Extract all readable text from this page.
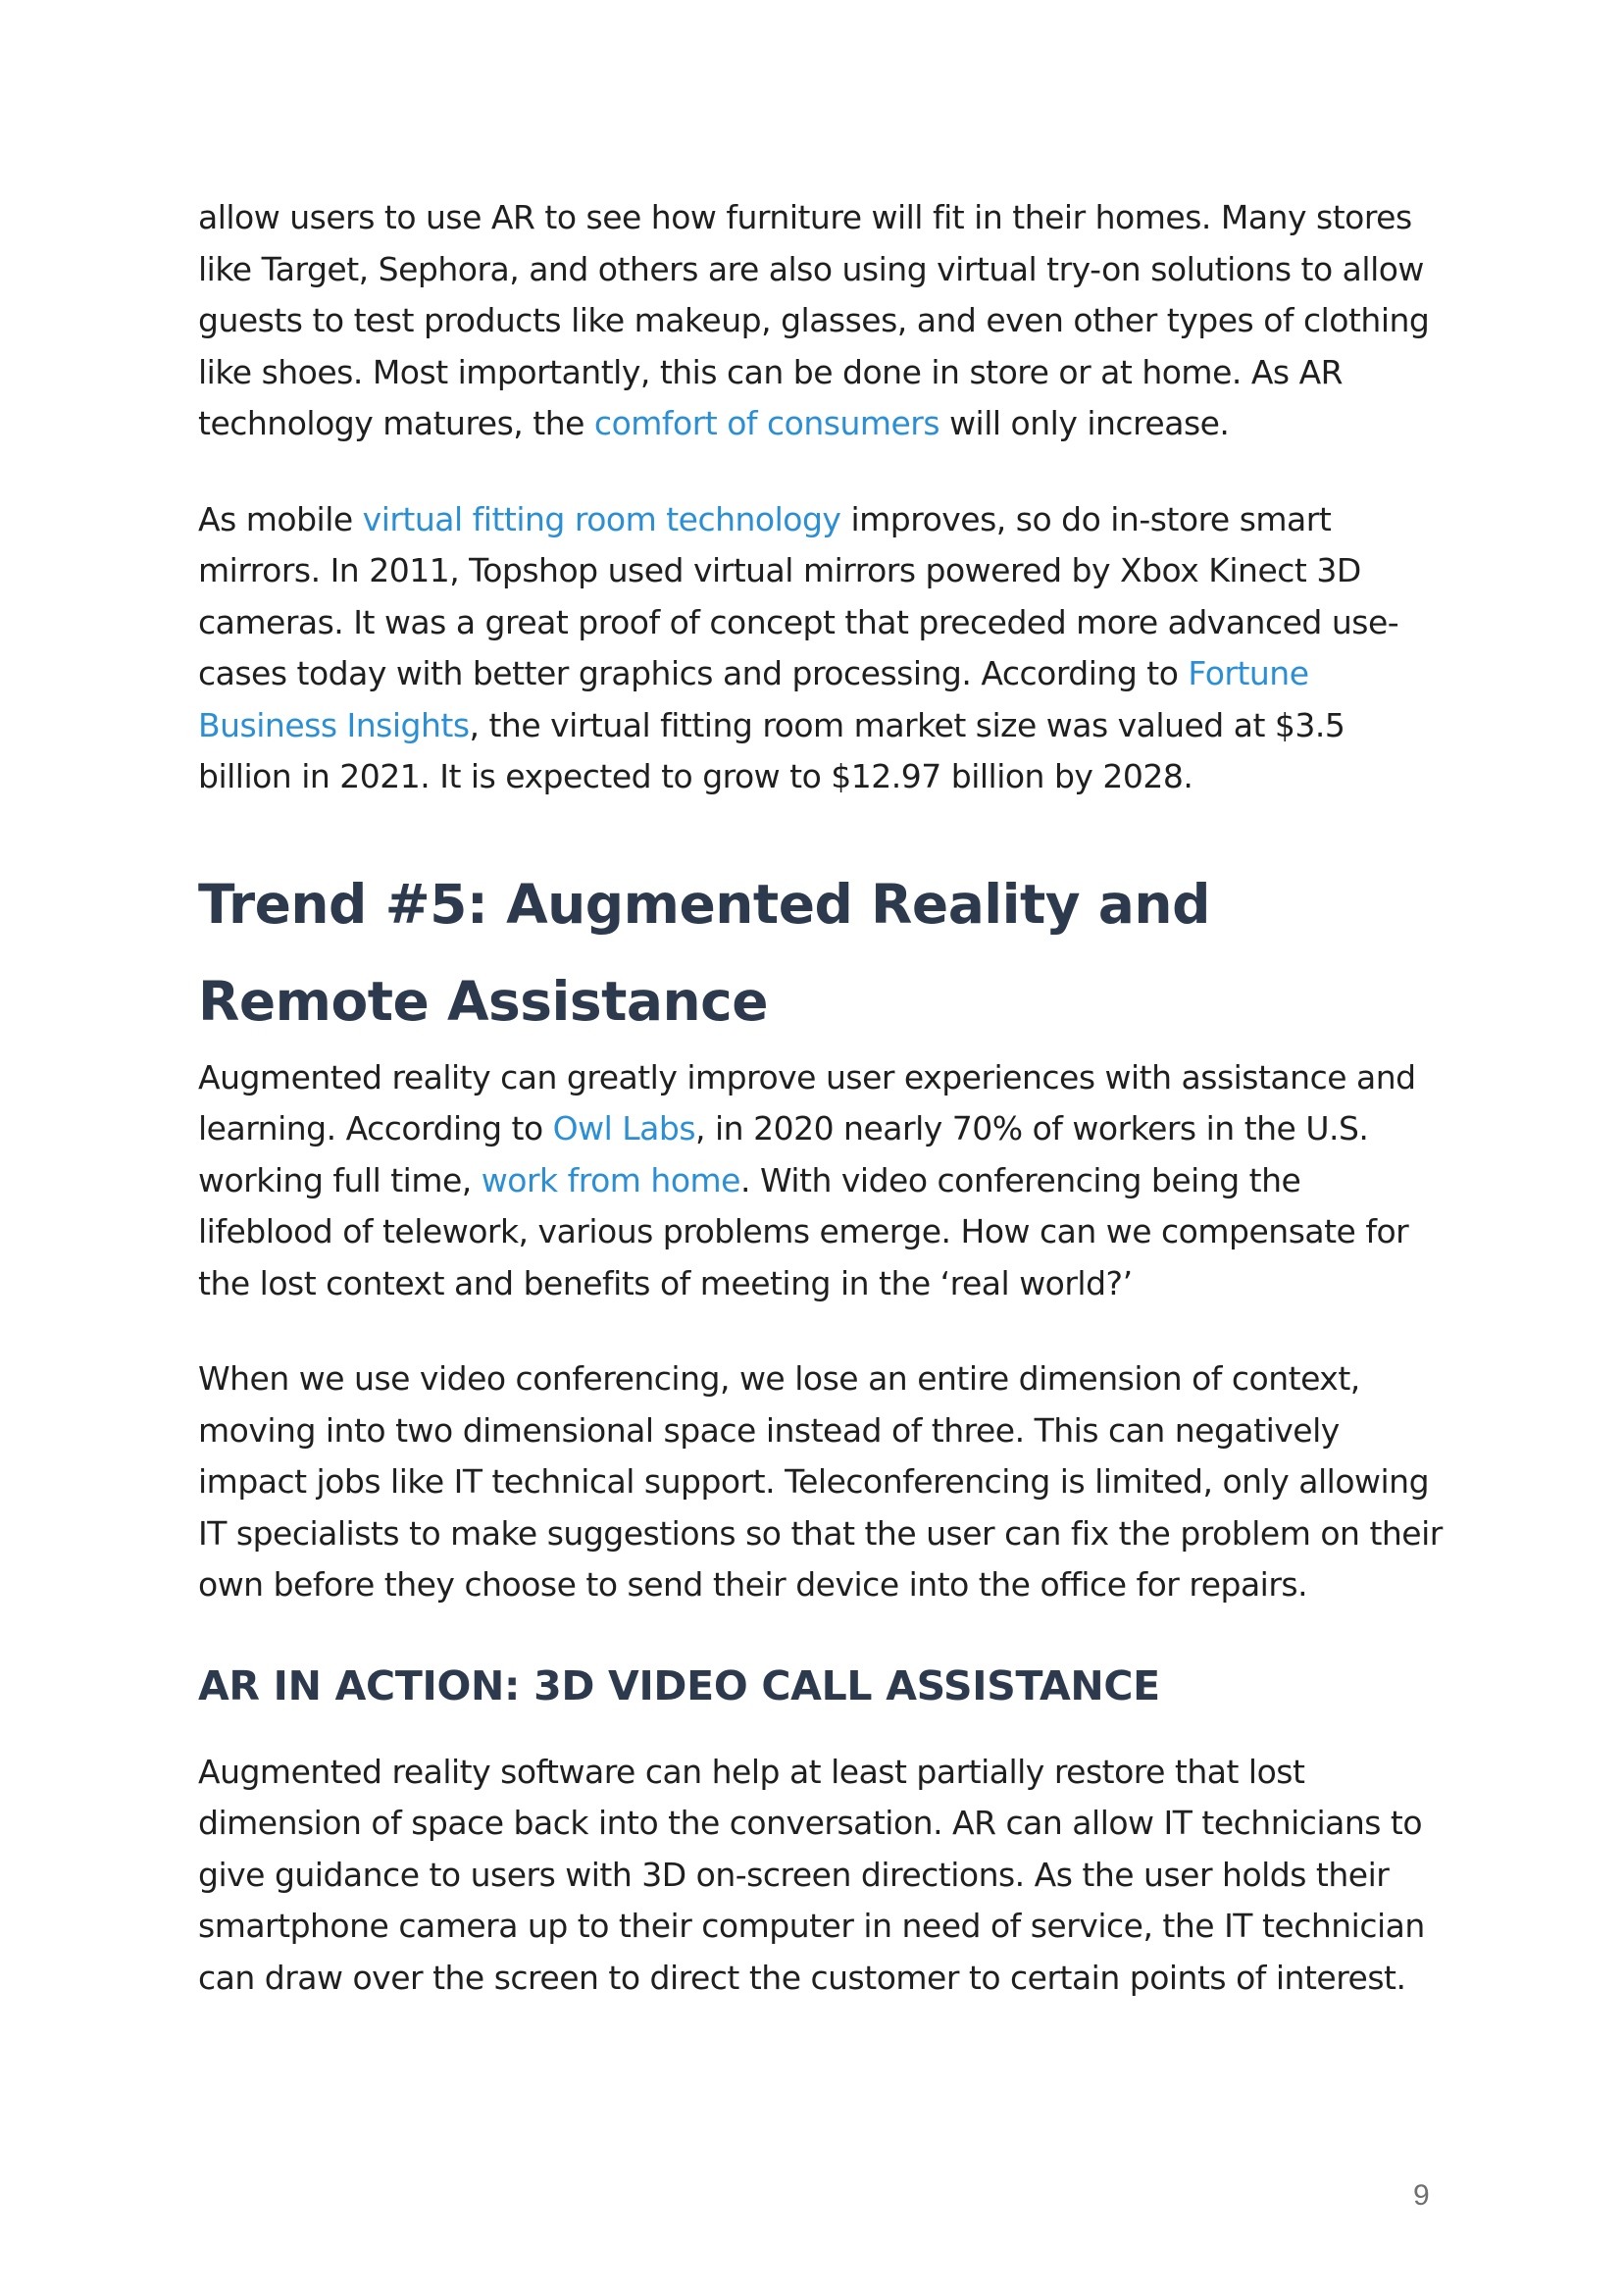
allow users to use AR to see how furniture will fit in their homes. Many stores like Target, Sephora, and others are also using virtual try-on solutions to allow guests to test products like makeup, glasses, and even other types of clothing like shoes. Most importantly, this can be done in store or at home. As AR technology matures, the comfort of consumers will only increase.

As mobile virtual fitting room technology improves, so do in-store smart mirrors. In 2011, Topshop used virtual mirrors powered by Xbox Kinect 3D cameras. It was a great proof of concept that preceded more advanced use-cases today with better graphics and processing. According to Fortune Business Insights, the virtual fitting room market size was valued at $3.5 billion in 2021. It is expected to grow to $12.97 billion by 2028.

Trend #5: Augmented Reality and Remote Assistance

Augmented reality can greatly improve user experiences with assistance and learning. According to Owl Labs, in 2020 nearly 70% of workers in the U.S. working full time, work from home. With video conferencing being the lifeblood of telework, various problems emerge. How can we compensate for the lost context and benefits of meeting in the ‘real world?’

When we use video conferencing, we lose an entire dimension of context, moving into two dimensional space instead of three. This can negatively impact jobs like IT technical support. Teleconferencing is limited, only allowing IT specialists to make suggestions so that the user can fix the problem on their own before they choose to send their device into the office for repairs.

AR IN ACTION: 3D VIDEO CALL ASSISTANCE

Augmented reality software can help at least partially restore that lost dimension of space back into the conversation. AR can allow IT technicians to give guidance to users with 3D on-screen directions. As the user holds their smartphone camera up to their computer in need of service, the IT technician can draw over the screen to direct the customer to certain points of interest.

9
